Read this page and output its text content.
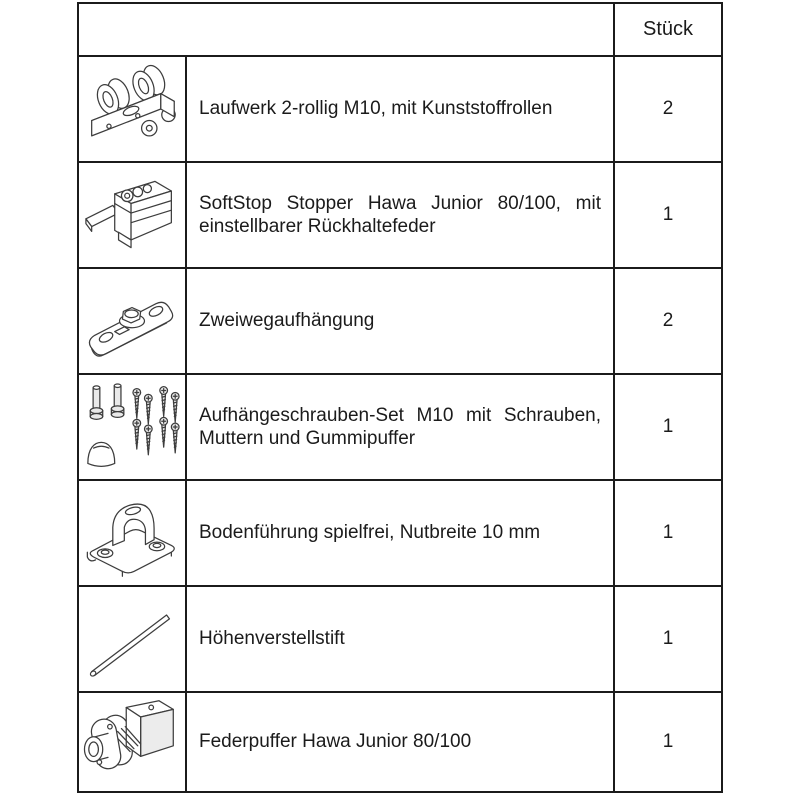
		Stück

	Laufwerk 2-rollig M10, mit Kunststoffrollen	2

	SoftStop Stopper Hawa Junior 80/100, mit einstellbarer Rückhaltefeder	1

	Zweiwegaufhängung	2

	Aufhängeschrauben-Set M10 mit Schrauben, Muttern und Gummipuffer	1

	Bodenführung spielfrei, Nutbreite 10 mm	1

	Höhenverstellstift	1

	Federpuffer Hawa Junior 80/100	1
